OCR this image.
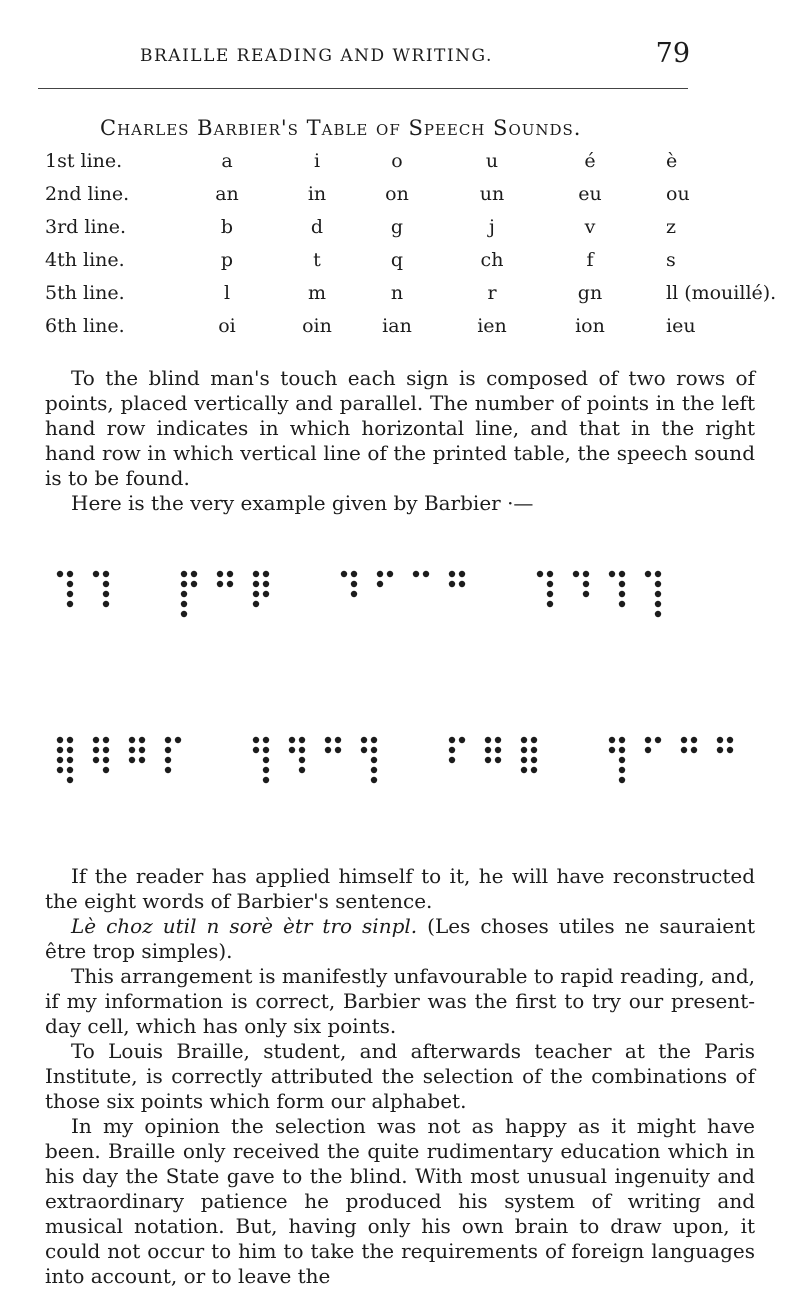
BRAILLE READING AND WRITING.	79
Charles Barbier's Table of Speech Sounds.
1st line.	a	i	o	u	é	è
2nd line.	an	in	on	un	eu	ou
3rd line.	b	d	g	j	v	z
4th line.	p	t	q	ch	f	s
5th line.	l	m	n	r	gn	ll (mouillé).
6th line.	oi	oin	ian	ien	ion	ieu

To the blind man's touch each sign is composed of two rows of points, placed vertically and parallel. The number of points in the left hand row indicates in which horizontal line, and that in the right hand row in which vertical line of the printed table, the speech sound is to be found.

Here is the very example given by Barbier ·—

If the reader has applied himself to it, he will have reconstructed the eight words of Barbier's sentence.

Lè choz util n sorè ètr tro sinpl. (Les choses utiles ne sauraient être trop simples).

This arrangement is manifestly unfavourable to rapid reading, and, if my information is correct, Barbier was the first to try our present-day cell, which has only six points.

To Louis Braille, student, and afterwards teacher at the Paris Institute, is correctly attributed the selection of the combinations of those six points which form our alphabet.

In my opinion the selection was not as happy as it might have been. Braille only received the quite rudimentary education which in his day the State gave to the blind. With most unusual ingenuity and extraordinary patience he produced his system of writing and musical notation. But, having only his own brain to draw upon, it could not occur to him to take the requirements of foreign languages into account, or to leave the
